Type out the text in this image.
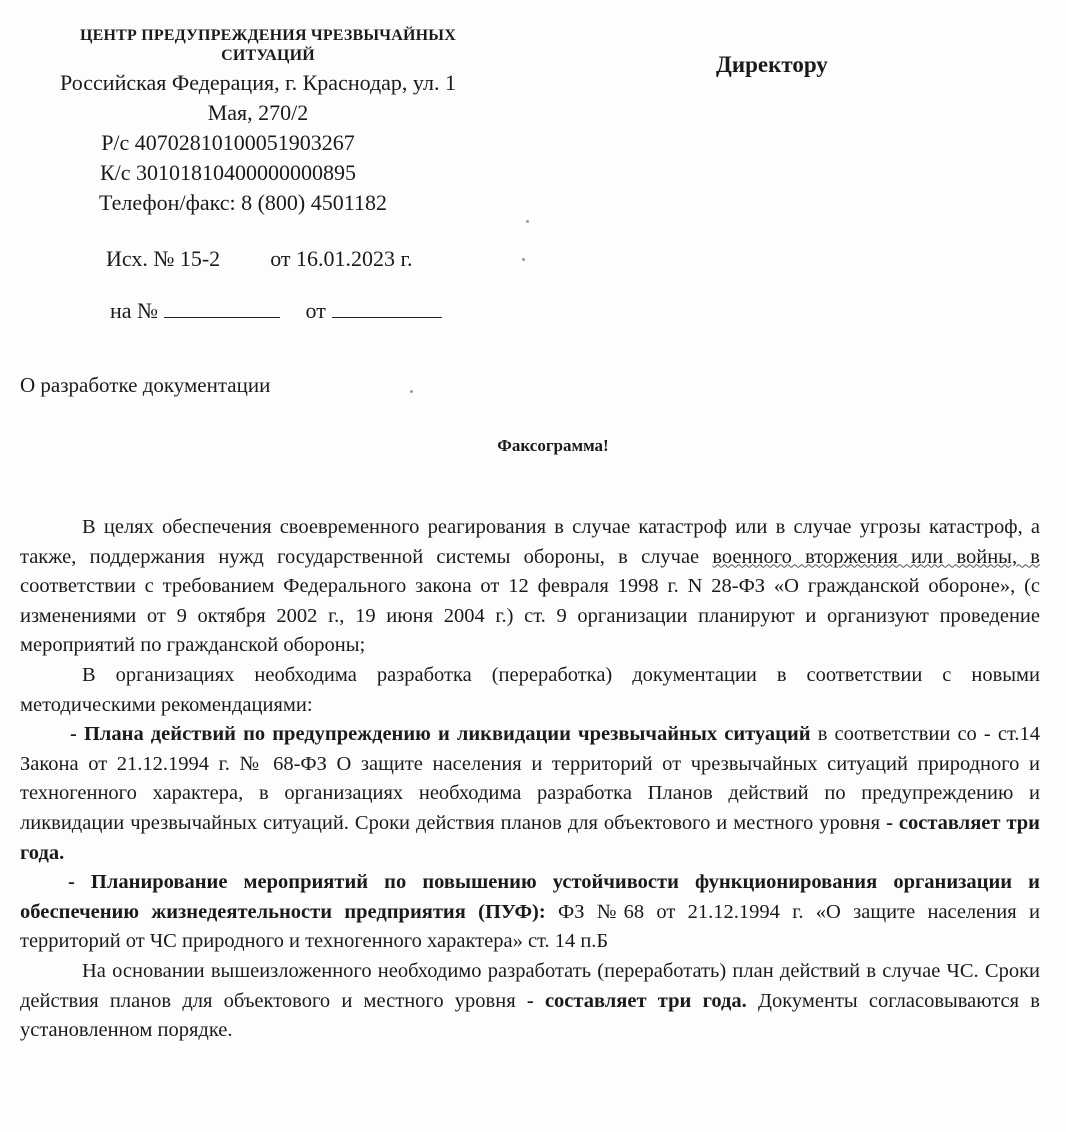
ЦЕНТР ПРЕДУПРЕЖДЕНИЯ ЧРЕЗВЫЧАЙНЫХ
СИТУАЦИЙ
Российская Федерация, г. Краснодар, ул. 1
Мая, 270/2
Р/с 40702810100051903267
К/с 30101810400000000895
Телефон/факс: 8 (800) 4501182
Исх. № 15-2 от 16.01.2023 г.
на №	от
Директору
О разработке документации
Факсограмма!

В целях обеспечения своевременного реагирования в случае катастроф или в случае угрозы катастроф, а также, поддержания нужд государственной системы обороны, в случае военного вторжения или войны, в соответствии с требованием Федерального закона от 12 февраля 1998 г. N 28-ФЗ «О гражданской обороне», (с изменениями от 9 октября 2002 г., 19 июня 2004 г.) ст. 9 организации планируют и организуют проведение мероприятий по гражданской обороны;

В организациях необходима разработка (переработка) документации в соответствии с новыми методическими рекомендациями:

- Плана действий по предупреждению и ликвидации чрезвычайных ситуаций в соответствии со - ст.14 Закона от 21.12.1994 г. № 68-ФЗ О защите населения и территорий от чрезвычайных ситуаций природного и техногенного характера, в организациях необходима разработка Планов действий по предупреждению и ликвидации чрезвычайных ситуаций. Сроки действия планов для объектового и местного уровня - составляет три года.

- Планирование мероприятий по повышению устойчивости функционирования организации и обеспечению жизнедеятельности предприятия (ПУФ): ФЗ №68 от 21.12.1994 г. «О защите населения и территорий от ЧС природного и техногенного характера» ст. 14 п.Б

На основании вышеизложенного необходимо разработать (переработать) план действий в случае ЧС. Сроки действия планов для объектового и местного уровня - составляет три года. Документы согласовываются в установленном порядке.
